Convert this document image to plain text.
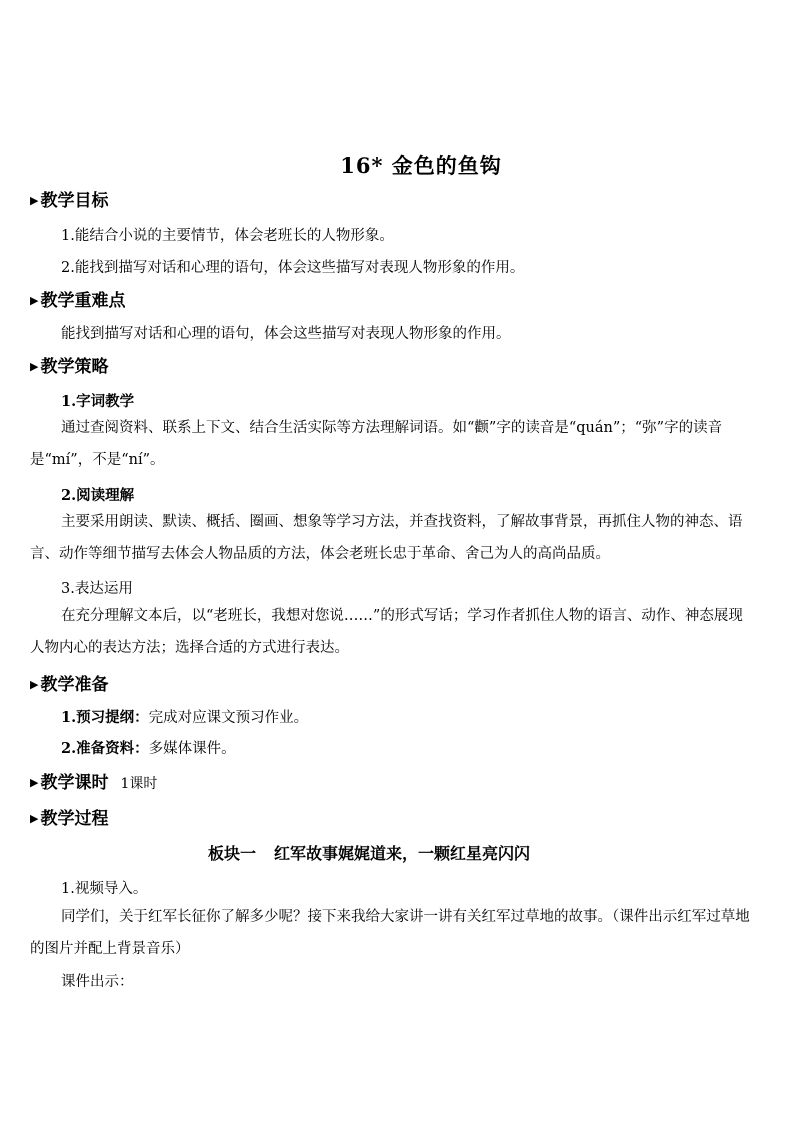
16* 金色的鱼钩
▶ 教学目标
1.能结合小说的主要情节，体会老班长的人物形象。
2.能找到描写对话和心理的语句，体会这些描写对表现人物形象的作用。
▶ 教学重难点
能找到描写对话和心理的语句，体会这些描写对表现人物形象的作用。
▶ 教学策略
1.字词教学
通过查阅资料、联系上下文、结合生活实际等方法理解词语。如“颧”字的读音是“quán”；“弥”字的读音是“mí”，不是“ní”。
2.阅读理解
主要采用朗读、默读、概括、圈画、想象等学习方法，并查找资料，了解故事背景，再抓住人物的神态、语言、动作等细节描写去体会人物品质的方法，体会老班长忠于革命、舍己为人的高尚品质。
3.表达运用
在充分理解文本后，以“老班长，我想对您说……”的形式写话；学习作者抓住人物的语言、动作、神态展现人物内心的表达方法；选择合适的方式进行表达。
▶ 教学准备
1.预习提纲：完成对应课文预习作业。
2.准备资料：多媒体课件。
▶ 教学课时 1课时
▶ 教学过程
板块一 红军故事娓娓道来，一颗红星亮闪闪
1.视频导入。
同学们，关于红军长征你了解多少呢？接下来我给大家讲一讲有关红军过草地的故事。（课件出示红军过草地的图片并配上背景音乐）
课件出示：
